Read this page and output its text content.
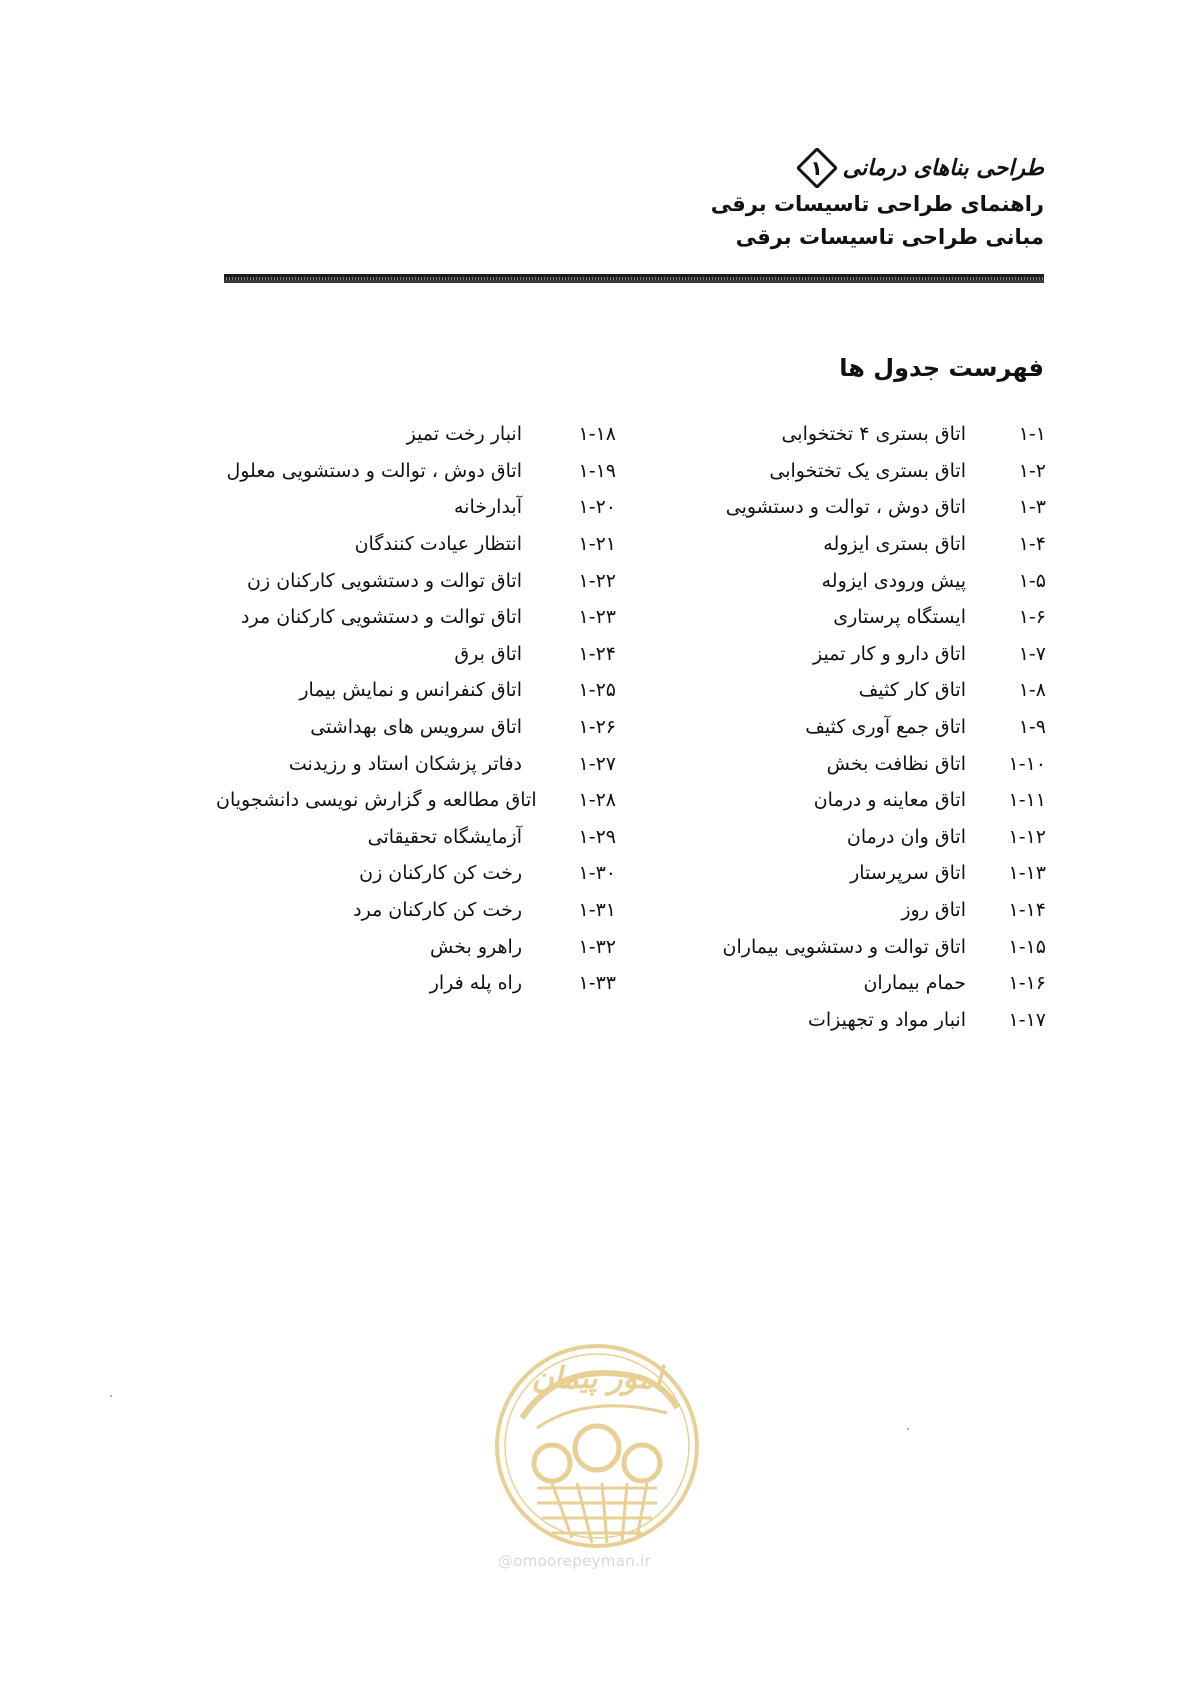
طراحی بناهای درمانی
۱
راهنمای طراحی تاسیسات برقی
مبانی طراحی تاسیسات برقی
فهرست جدول ها
۱-۱
اتاق بستری ۴ تختخوابی
۱-۲
اتاق بستری یک تختخوابی
۱-۳
اتاق دوش ، توالت و دستشویی
۱-۴
اتاق بستری ایزوله
۱-۵
پیش ورودی ایزوله
۱-۶
ایستگاه پرستاری
۱-۷
اتاق دارو و کار تمیز
۱-۸
اتاق کار کثیف
۱-۹
اتاق جمع آوری کثیف
۱-۱۰
اتاق نظافت بخش
۱-۱۱
اتاق معاینه و درمان
۱-۱۲
اتاق وان درمان
۱-۱۳
اتاق سرپرستار
۱-۱۴
اتاق روز
۱-۱۵
اتاق توالت و دستشویی بیماران
۱-۱۶
حمام بیماران
۱-۱۷
انبار مواد و تجهیزات
۱-۱۸
انبار رخت تمیز
۱-۱۹
اتاق دوش ، توالت و دستشویی معلول
۱-۲۰
آبدارخانه
۱-۲۱
انتظار عیادت کنندگان
۱-۲۲
اتاق توالت و دستشویی کارکنان زن
۱-۲۳
اتاق توالت و دستشویی کارکنان مرد
۱-۲۴
اتاق برق
۱-۲۵
اتاق کنفرانس و نمایش بیمار
۱-۲۶
اتاق سرویس های بهداشتی
۱-۲۷
دفاتر پزشکان استاد و رزیدنت
۱-۲۸
اتاق مطالعه و گزارش نویسی دانشجویان
۱-۲۹
آزمایشگاه تحقیقاتی
۱-۳۰
رخت کن کارکنان زن
۱-۳۱
رخت کن کارکنان مرد
۱-۳۲
راهرو بخش
۱-۳۳
راه پله فرار
امور پیمان
@omoorepeyman.ir
